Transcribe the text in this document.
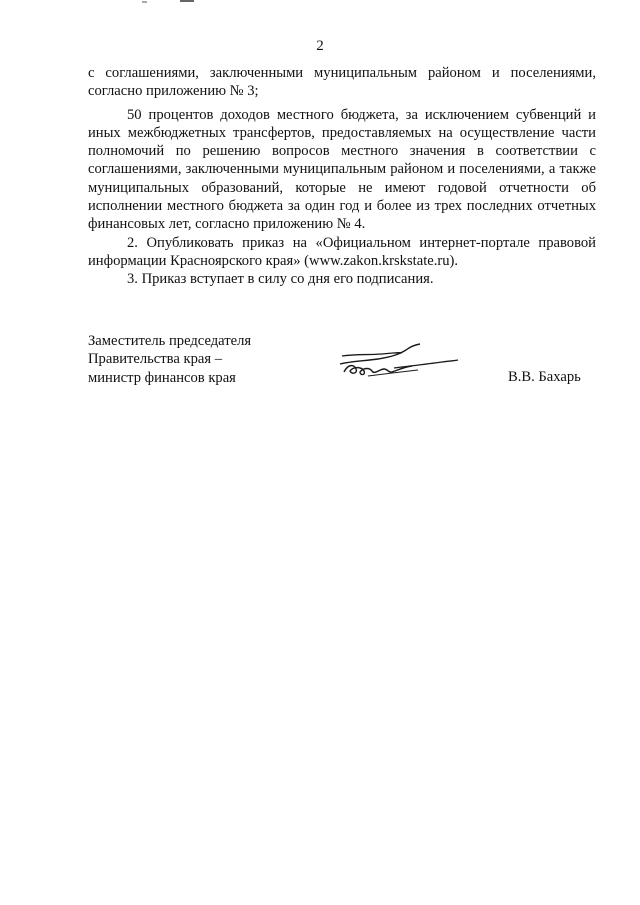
2

с соглашениями, заключенными муниципальным районом и поселениями, согласно приложению № 3;

50 процентов доходов местного бюджета, за исключением субвенций и иных межбюджетных трансфертов, предоставляемых на осуществление части полномочий по решению вопросов местного значения в соответствии с соглашениями, заключенными муниципальным районом и поселениями, а также муниципальных образований, которые не имеют годовой отчетности об исполнении местного бюджета за один год и более из трех последних отчетных финансовых лет, согласно приложению № 4.

2. Опубликовать приказ на «Официальном интернет-портале правовой информации Красноярского края» (www.zakon.krskstate.ru).

3. Приказ вступает в силу со дня его подписания.

Заместитель председателя
Правительства края –
министр финансов края	В.В. Бахарь
